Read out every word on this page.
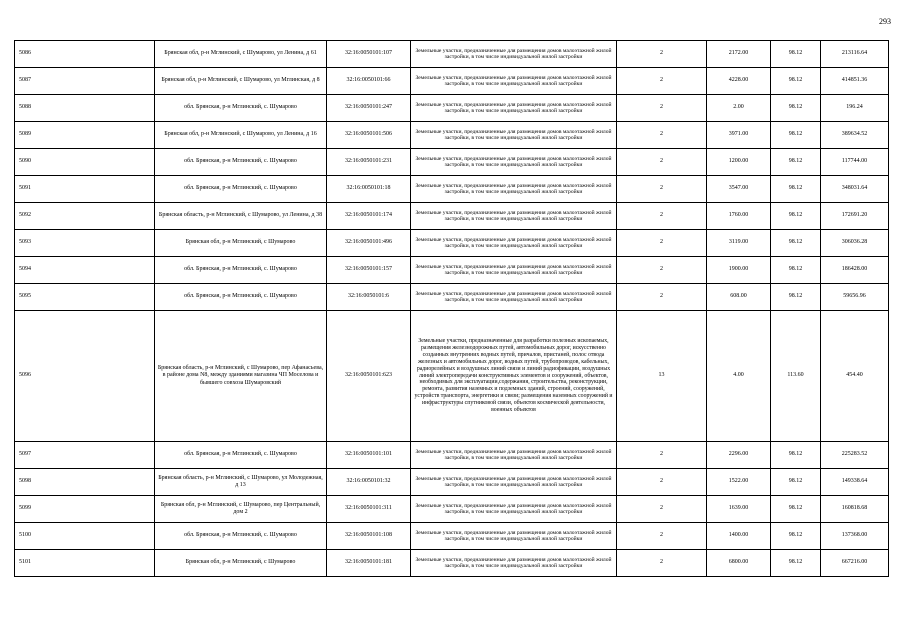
293
5086	Брянская обл, р-н Мглинский, с Шумарово, ул Ленина, д 61	32:16:0050101:107	Земельные участки, предназначенные для размещения домов малоэтажной жилой застройки, в том числе индивидуальной жилой застройки	2	2172.00	98.12	213116.64
5087	Брянская обл, р-н Мглинский, с Шумарово, ул Мглинская, д 8	32:16:0050101:66	Земельные участки, предназначенные для размещения домов малоэтажной жилой застройки, в том числе индивидуальной жилой застройки	2	4228.00	98.12	414851.36
5088	обл. Брянская, р-н Мглинский, с. Шумарово	32:16:0050101:247	Земельные участки, предназначенные для размещения домов малоэтажной жилой застройки, в том числе индивидуальной жилой застройки	2	2.00	98.12	196.24
5089	Брянская обл, р-н Мглинский, с Шумарово, ул Ленина, д 16	32:16:0050101:506	Земельные участки, предназначенные для размещения домов малоэтажной жилой застройки, в том числе индивидуальной жилой застройки	2	3971.00	98.12	389634.52
5090	обл. Брянская, р-н Мглинский, с. Шумарово	32:16:0050101:231	Земельные участки, предназначенные для размещения домов малоэтажной жилой застройки, в том числе индивидуальной жилой застройки	2	1200.00	98.12	117744.00
5091	обл. Брянская, р-н Мглинский, с. Шумарово	32:16:0050101:18	Земельные участки, предназначенные для размещения домов малоэтажной жилой застройки, в том числе индивидуальной жилой застройки	2	3547.00	98.12	348031.64
5092	Брянская область, р-н Мглинский, с Шумарово, ул Ленина, д 38	32:16:0050101:174	Земельные участки, предназначенные для размещения домов малоэтажной жилой застройки, в том числе индивидуальной жилой застройки	2	1760.00	98.12	172691.20
5093	Брянская обл, р-н Мглинский, с Шумарово	32:16:0050101:496	Земельные участки, предназначенные для размещения домов малоэтажной жилой застройки, в том числе индивидуальной жилой застройки	2	3119.00	98.12	306036.28
5094	обл. Брянская, р-н Мглинский, с. Шумарово	32:16:0050101:157	Земельные участки, предназначенные для размещения домов малоэтажной жилой застройки, в том числе индивидуальной жилой застройки	2	1900.00	98.12	186428.00
5095	обл. Брянская, р-н Мглинский, с. Шумарово	32:16:0050101:6	Земельные участки, предназначенные для размещения домов малоэтажной жилой застройки, в том числе индивидуальной жилой застройки	2	608.00	98.12	59656.96
5096	Брянская область, р-н Мглинский, с Шумарово, пер Афанасьева, в районе дома N8, между зданиями магазина ЧП Моселова и бывшего совхоза Шумаровский	32:16:0050101:623	Земельные участки, предназначенные для разработки полезных ископаемых, размещения железнодорожных путей, автомобильных дорог, искусственно созданных внутренних водных путей, причалов, пристаней, полос отвода железных и автомобильных дорог, водных путей, трубопроводов, кабельных, радиорелейных и воздушных линий связи и линий радиофикации, воздушных линий электропередачи конструктивных элементов и сооружений, объектов, необходимых для эксплуатации,содержания, строительства, реконструкции, ремонта, развития наземных и подземных зданий, строений, сооружений, устройств транспорта, энергетики и связи; размещения наземных сооружений и инфраструктуры спутниковой связи, объектов космической деятельности, военных объектов	13	4.00	113.60	454.40
5097	обл. Брянская, р-н Мглинский, с. Шумарово	32:16:0050101:101	Земельные участки, предназначенные для размещения домов малоэтажной жилой застройки, в том числе индивидуальной жилой застройки	2	2296.00	98.12	225283.52
5098	Брянская область, р-н Мглинский, с Шумарово, ул Молодежная, д 13	32:16:0050101:32	Земельные участки, предназначенные для размещения домов малоэтажной жилой застройки, в том числе индивидуальной жилой застройки	2	1522.00	98.12	149338.64
5099	Брянская обл, р-н Мглинский, с Шумарово, пер Центральный, дом 2	32:16:0050101:311	Земельные участки, предназначенные для размещения домов малоэтажной жилой застройки, в том числе индивидуальной жилой застройки	2	1639.00	98.12	160818.68
5100	обл. Брянская, р-н Мглинский, с. Шумарово	32:16:0050101:108	Земельные участки, предназначенные для размещения домов малоэтажной жилой застройки, в том числе индивидуальной жилой застройки	2	1400.00	98.12	137368.00
5101	Брянская обл, р-н Мглинский, с Шумарово	32:16:0050101:181	Земельные участки, предназначенные для размещения домов малоэтажной жилой застройки, в том числе индивидуальной жилой застройки	2	6800.00	98.12	667216.00
